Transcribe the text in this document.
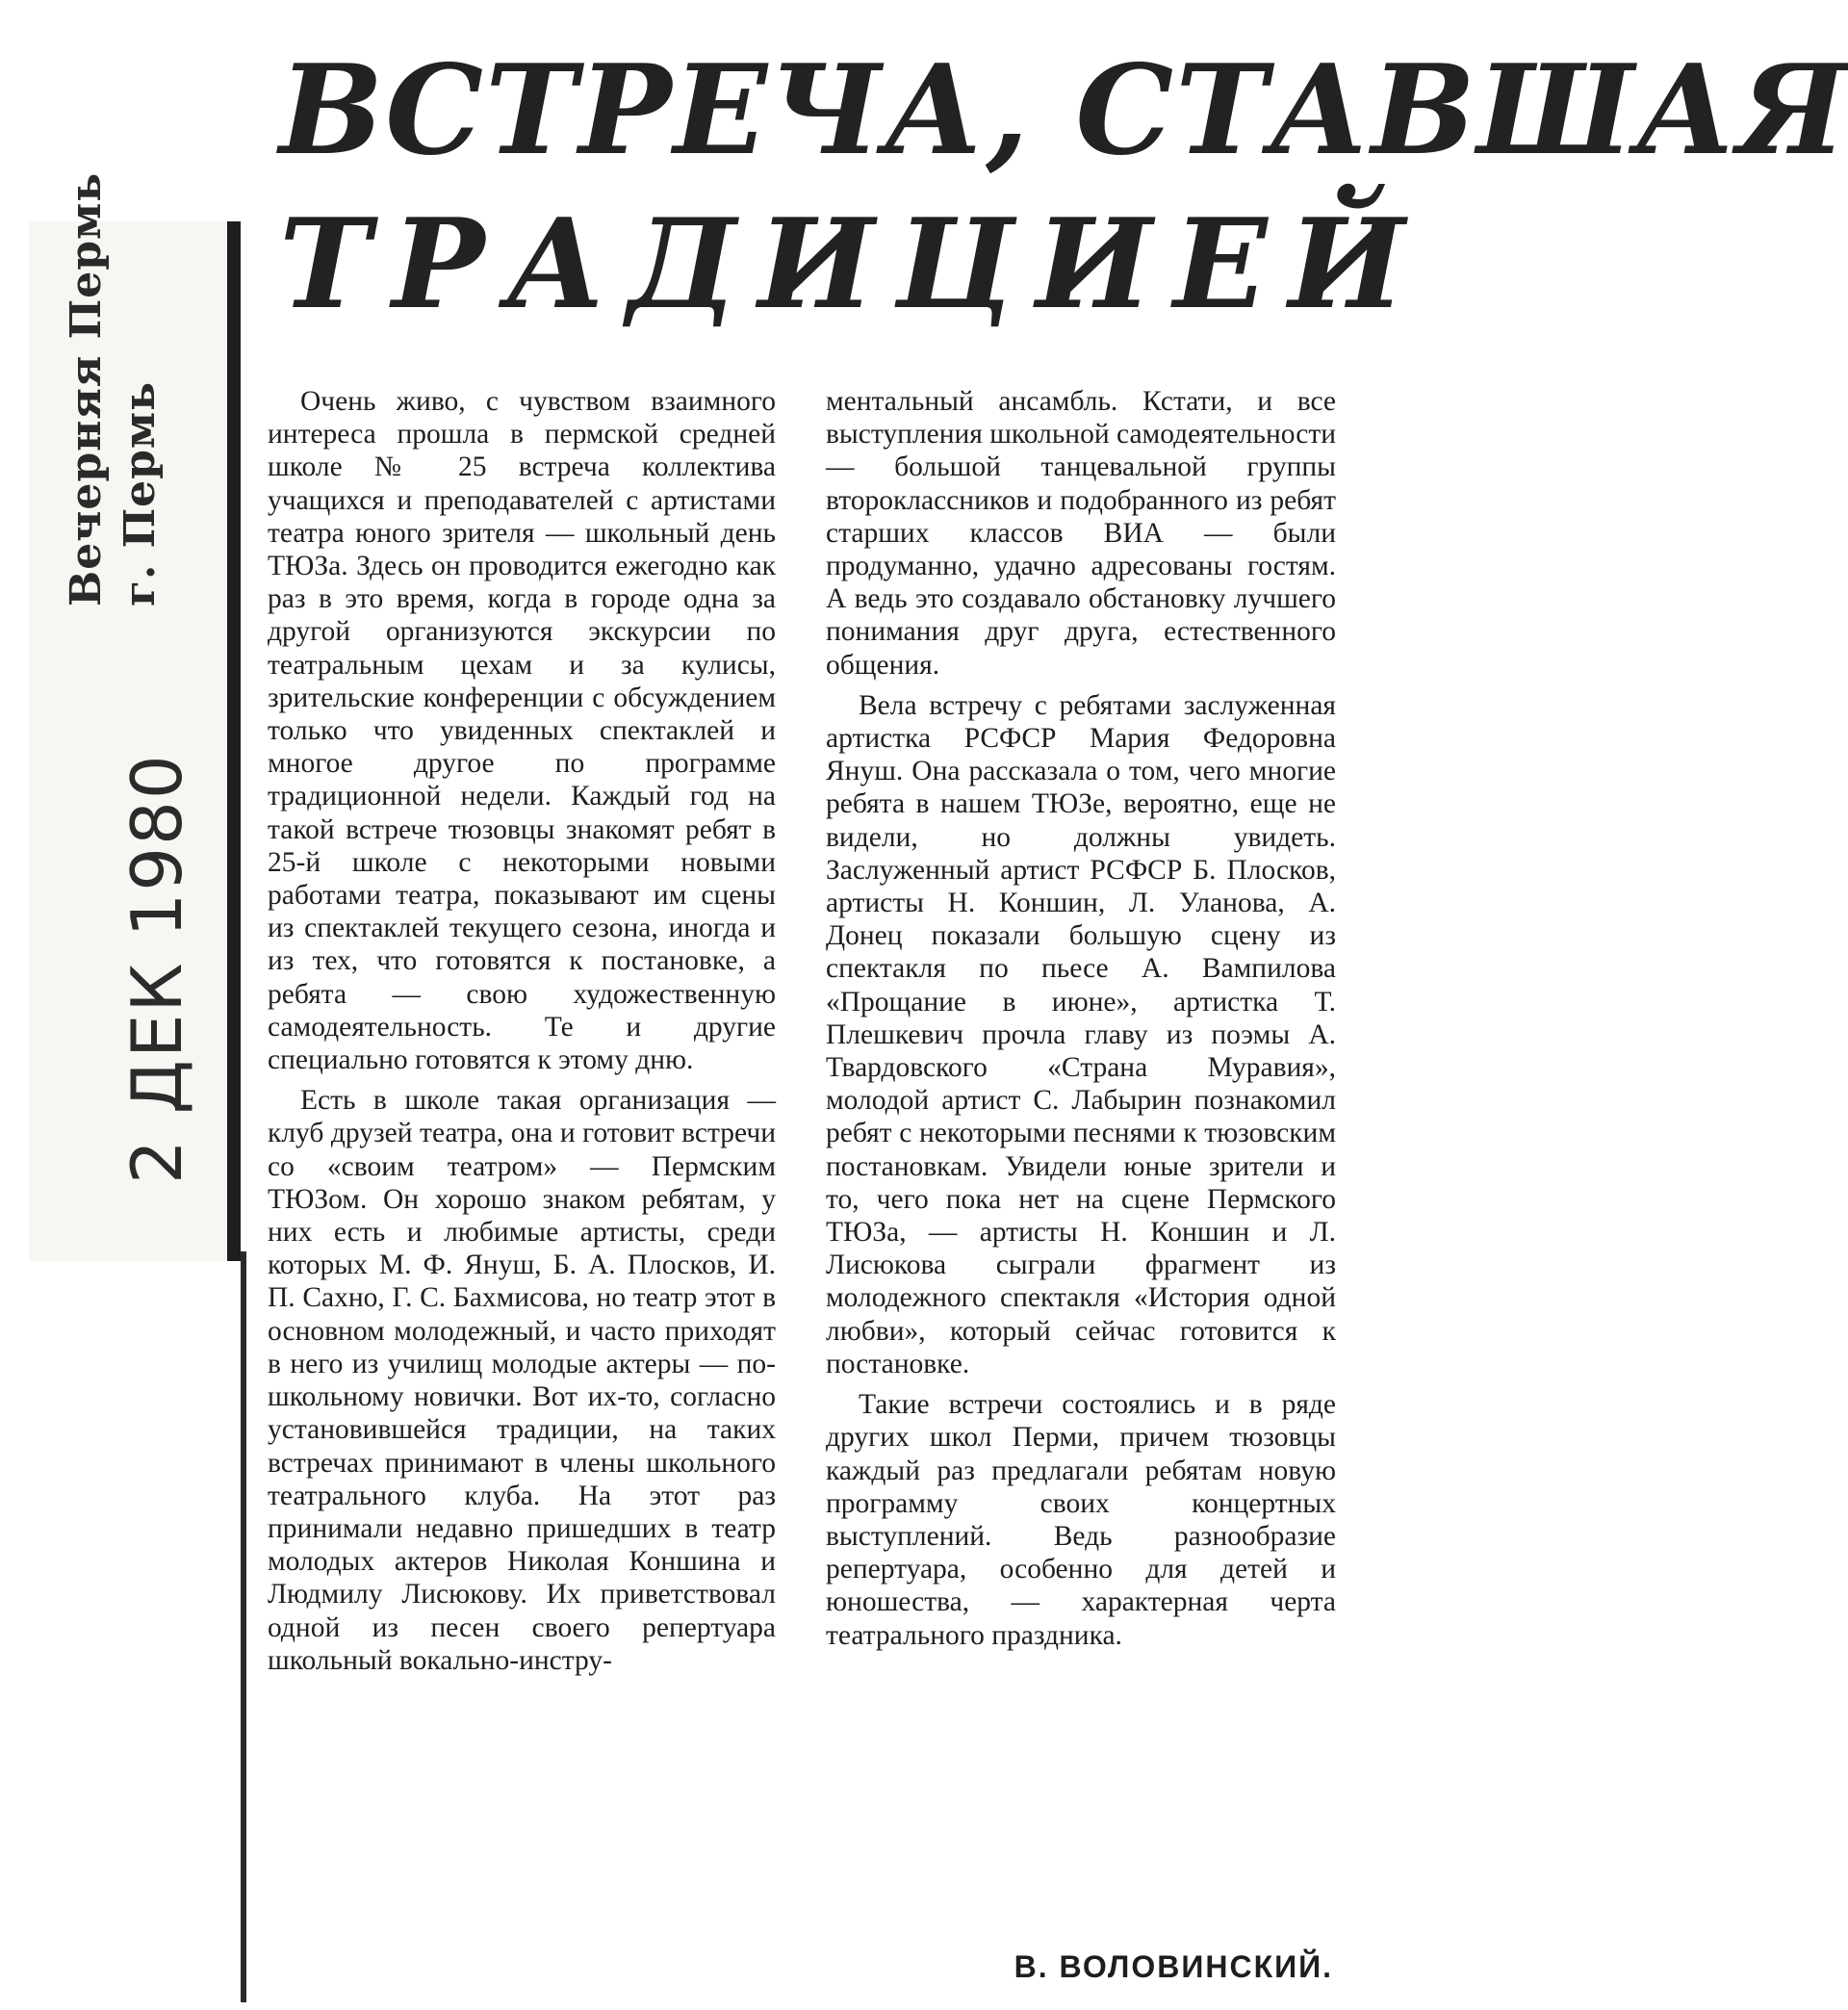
Вечерняя Пермь г. Пермь
2 ДЕК 1980
ВСТРЕЧА, СТАВШАЯ
ТРАДИЦИЕЙ

Очень живо, с чувством взаимного интереса прошла в пермской средней школе № 25 встреча коллектива учащихся и преподавателей с артистами театра юного зрителя — школьный день ТЮЗа. Здесь он проводится ежегодно как раз в это время, когда в городе одна за другой организуются экскурсии по театральным цехам и за кулисы, зрительские конференции с обсуждением только что увиденных спектаклей и многое другое по программе традиционной недели. Каждый год на такой встрече тюзовцы знакомят ребят в 25-й школе с некоторыми новыми работами театра, показывают им сцены из спектаклей текущего сезона, иногда и из тех, что готовятся к постановке, а ребята — свою художественную самодеятельность. Те и другие специально готовятся к этому дню.

Есть в школе такая организация — клуб друзей театра, она и готовит встречи со «своим театром» — Пермским ТЮЗом. Он хорошо знаком ребятам, у них есть и любимые артисты, среди которых М. Ф. Януш, Б. А. Плосков, И. П. Сахно, Г. С. Бахмисова, но театр этот в основном молодежный, и часто приходят в него из училищ молодые актеры — по-школьному новички. Вот их-то, согласно установившейся традиции, на таких встречах принимают в члены школьного театрального клуба. На этот раз принимали недавно пришедших в театр молодых актеров Николая Коншина и Людмилу Лисюкову. Их приветствовал одной из песен своего репертуара школьный вокально-инстру-

ментальный ансамбль. Кстати, и все выступления школьной самодеятельности — большой танцевальной группы второклассников и подобранного из ребят старших классов ВИА — были продуманно, удачно адресованы гостям. А ведь это создавало обстановку лучшего понимания друг друга, естественного общения.

Вела встречу с ребятами заслуженная артистка РСФСР Мария Федоровна Януш. Она рассказала о том, чего многие ребята в нашем ТЮЗе, вероятно, еще не видели, но должны увидеть. Заслуженный артист РСФСР Б. Плосков, артисты Н. Коншин, Л. Уланова, А. Донец показали большую сцену из спектакля по пьесе А. Вампилова «Прощание в июне», артистка Т. Плешкевич прочла главу из поэмы А. Твардовского «Страна Муравия», молодой артист С. Лабырин познакомил ребят с некоторыми песнями к тюзовским постановкам. Увидели юные зрители и то, чего пока нет на сцене Пермского ТЮЗа, — артисты Н. Коншин и Л. Лисюкова сыграли фрагмент из молодежного спектакля «История одной любви», который сейчас готовится к постановке.

Такие встречи состоялись и в ряде других школ Перми, причем тюзовцы каждый раз предлагали ребятам новую программу своих концертных выступлений. Ведь разнообразие репертуара, особенно для детей и юношества, — характерная черта театрального праздника.

В. ВОЛОВИНСКИЙ.
